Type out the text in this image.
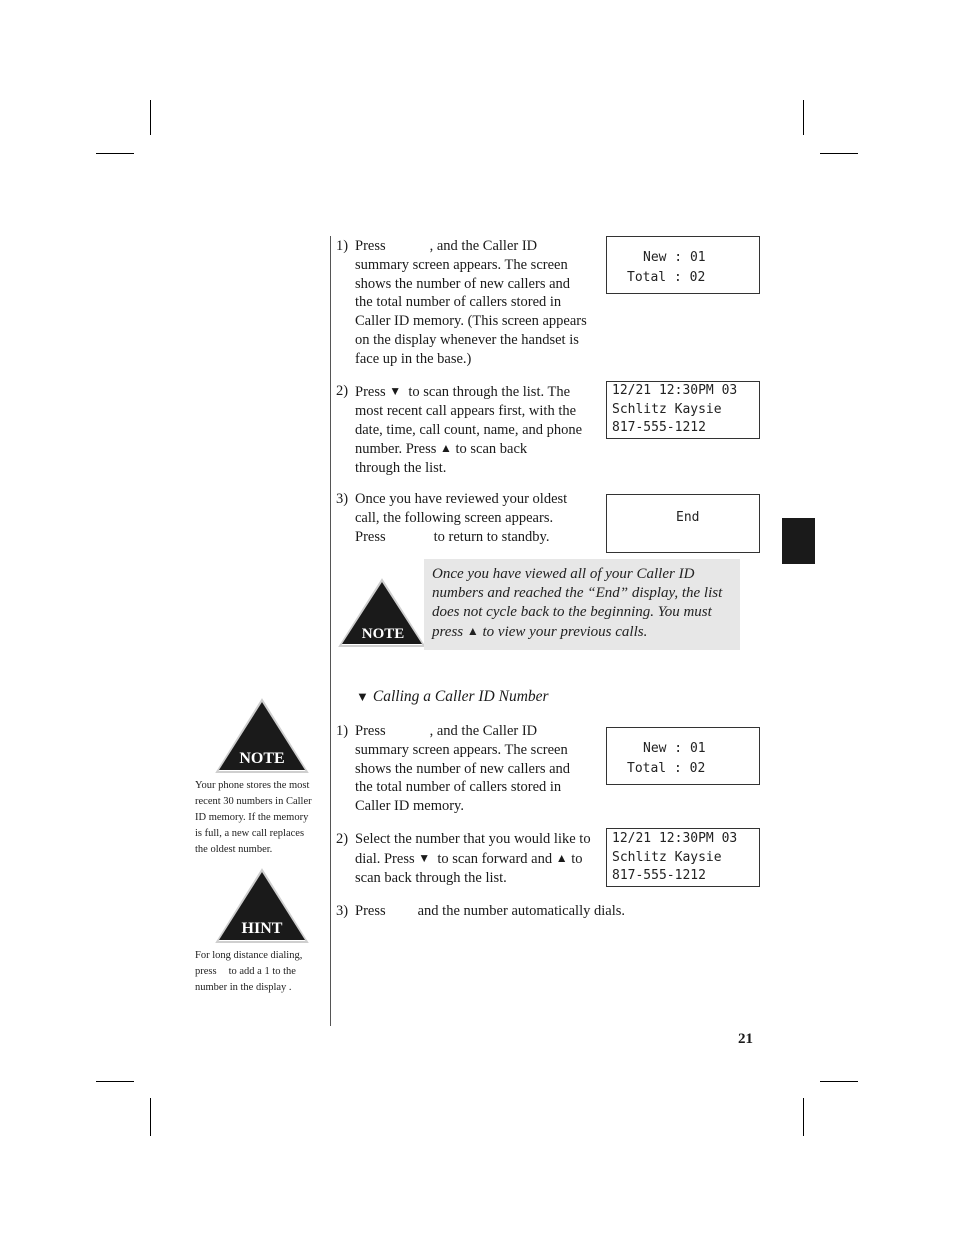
1) Press	, and the Caller ID
summary screen appears. The screen
shows the number of new callers and
the total number of callers stored in
Caller ID memory. (This screen appears
on the display whenever the handset is
face up in the base.)
2) Press ▼ to scan through the list. The
most recent call appears first, with the
date, time, call count, name, and phone
number. Press ▲ to scan back
through the list.
3) Once you have reviewed your oldest
call, the following screen appears.
Press	to return to standby.
New : 01
Total : 02
12/21 12:30PM 03
Schlitz Kaysie
817-555-1212
End
NOTE
Once you have viewed all of your Caller ID
numbers and reached the “End” display, the list
does not cycle back to the beginning. You must
press ▲ to view your previous calls.
▼ Calling a Caller ID Number
1) Press	, and the Caller ID
summary screen appears. The screen
shows the number of new callers and
the total number of callers stored in
Caller ID memory.
2) Select the number that you would like to
dial. Press ▼ to scan forward and ▲ to
scan back through the list.
3) Press and the number automatically dials.
New : 01
Total : 02
12/21 12:30PM 03
Schlitz Kaysie
817-555-1212
NOTE
Your phone stores the most
recent 30 numbers in Caller
ID memory. If the memory
is full, a new call replaces
the oldest number.
HINT
For long distance dialing,
press to add a 1 to the
number in the display .
21
